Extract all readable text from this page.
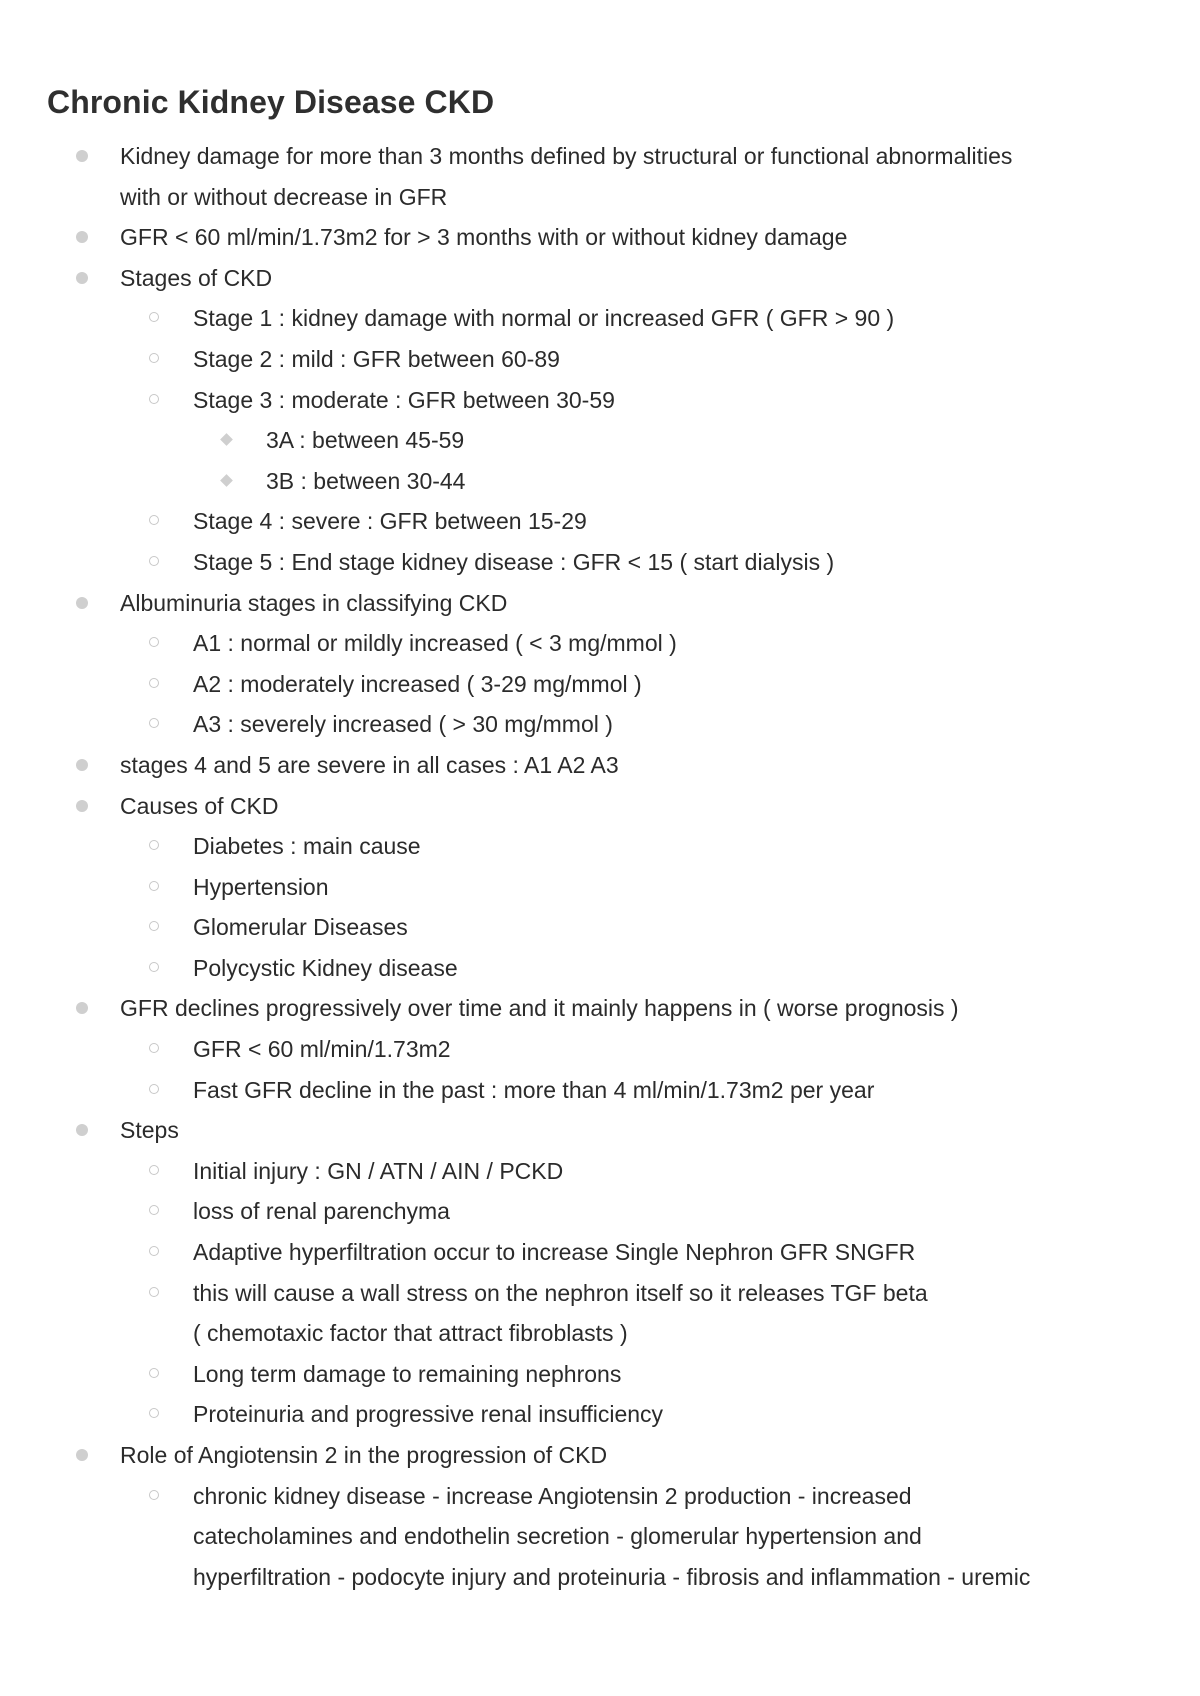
Chronic Kidney Disease CKD
Kidney damage for more than 3 months defined by structural or functional abnormalities
with or without decrease in GFR
GFR < 60 ml/min/1.73m2 for > 3 months with or without kidney damage
Stages of CKD
Stage 1 : kidney damage with normal or increased GFR ( GFR > 90 )
Stage 2 : mild : GFR between 60-89
Stage 3 : moderate : GFR between 30-59
3A : between 45-59
3B : between 30-44
Stage 4 : severe : GFR between 15-29
Stage 5 : End stage kidney disease : GFR < 15 ( start dialysis )
Albuminuria stages in classifying CKD
A1 : normal or mildly increased ( < 3 mg/mmol )
A2 : moderately increased ( 3-29 mg/mmol )
A3 : severely increased ( > 30 mg/mmol )
stages 4 and 5 are severe in all cases : A1 A2 A3
Causes of CKD
Diabetes : main cause
Hypertension
Glomerular Diseases
Polycystic Kidney disease
GFR declines progressively over time and it mainly happens in ( worse prognosis )
GFR < 60 ml/min/1.73m2
Fast GFR decline in the past : more than 4 ml/min/1.73m2 per year
Steps
Initial injury : GN / ATN / AIN / PCKD
loss of renal parenchyma
Adaptive hyperfiltration occur to increase Single Nephron GFR SNGFR
this will cause a wall stress on the nephron itself so it releases TGF beta
( chemotaxic factor that attract fibroblasts )
Long term damage to remaining nephrons
Proteinuria and progressive renal insufficiency
Role of Angiotensin 2 in the progression of CKD
chronic kidney disease - increase Angiotensin 2 production - increased
catecholamines and endothelin secretion - glomerular hypertension and
hyperfiltration - podocyte injury and proteinuria - fibrosis and inflammation - uremic
